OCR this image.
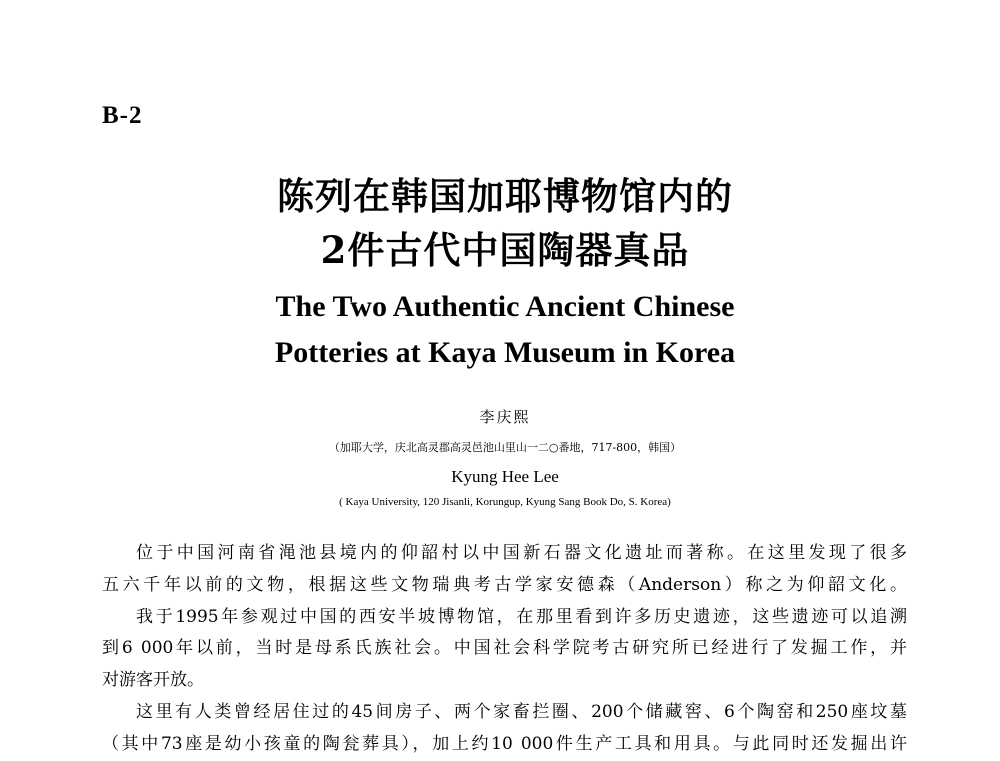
B-2
陈列在韩国加耶博物馆内的
2件古代中国陶器真品
The Two Authentic Ancient Chinese
Potteries at Kaya Museum in Korea
李庆熙
（加耶大学，庆北高灵郡高灵邑池山里山一二○番地，717-800，韩国）
Kyung Hee Lee
( Kaya University, 120 Jisanli, Korungup, Kyung Sang Book Do, S. Korea)
位于中国河南省渑池县境内的仰韶村以中国新石器文化遗址而著称。在这里发现了很多
五六千年以前的文物，根据这些文物瑞典考古学家安德森（Anderson）称之为仰韶文化。
我于1995年参观过中国的西安半坡博物馆，在那里看到许多历史遗迹，这些遗迹可以追溯
到6 000年以前，当时是母系氏族社会。中国社会科学院考古研究所已经进行了发掘工作，并
对游客开放。
这里有人类曾经居住过的45间房子、两个家畜拦圈、200个储藏窖、6个陶窑和250座坟墓
（其中73座是幼小孩童的陶瓮葬具），加上约10 000件生产工具和用具。与此同时还发掘出许
